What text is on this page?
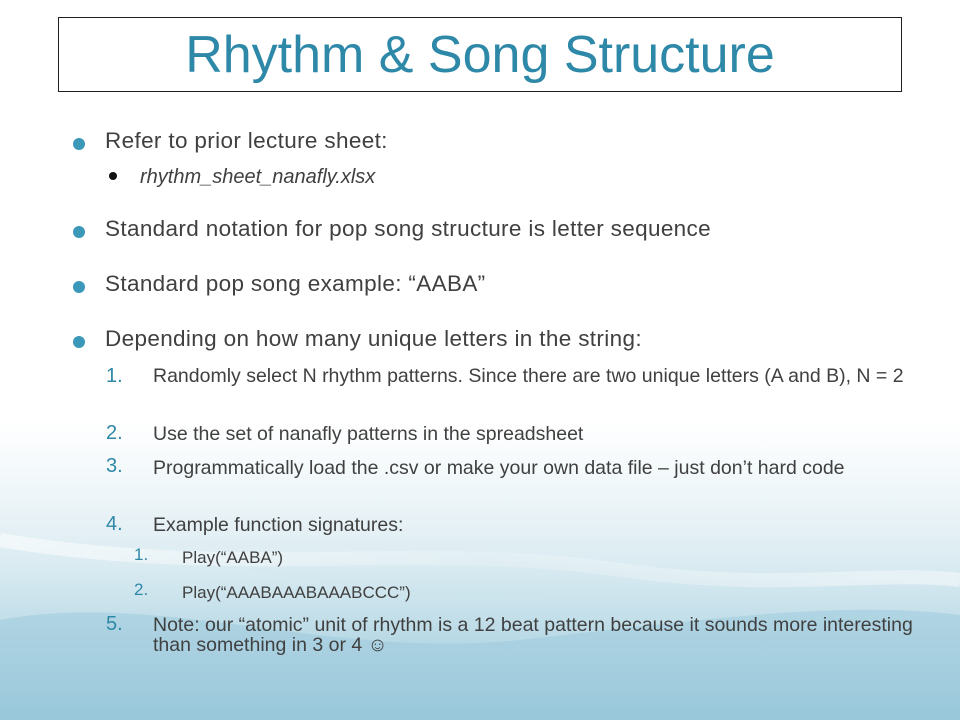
Rhythm & Song Structure
Refer to prior lecture sheet:
rhythm_sheet_nanafly.xlsx
Standard notation for pop song structure is letter sequence
Standard pop song example: “AABA”
Depending on how many unique letters in the string:
1. Randomly select N rhythm patterns. Since there are two unique letters (A and B), N = 2
2. Use the set of nanafly patterns in the spreadsheet
3. Programmatically load the .csv or make your own data file – just don’t hard code
4. Example function signatures:
1. Play(“AABA”)
2. Play(“AAABAAABAAABCCC”)
5. Note: our “atomic” unit of rhythm is a 12 beat pattern because it sounds more interesting than something in 3 or 4 ☺
